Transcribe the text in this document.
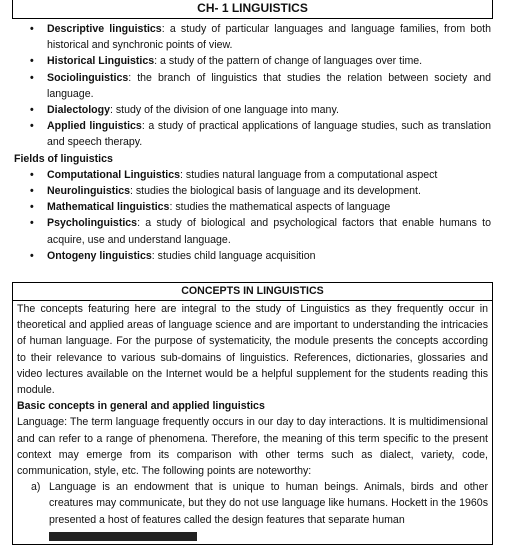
CH- 1 LINGUISTICS
• Descriptive linguistics: a study of particular languages and language families, from both historical and synchronic points of view.
• Historical Linguistics: a study of the pattern of change of languages over time.
• Sociolinguistics: the branch of linguistics that studies the relation between society and language.
• Dialectology: study of the division of one language into many.
• Applied linguistics: a study of practical applications of language studies, such as translation and speech therapy.
Fields of linguistics
• Computational Linguistics: studies natural language from a computational aspect
• Neurolinguistics: studies the biological basis of language and its development.
• Mathematical linguistics: studies the mathematical aspects of language
• Psycholinguistics: a study of biological and psychological factors that enable humans to acquire, use and understand language.
• Ontogeny linguistics: studies child language acquisition
CONCEPTS IN LINGUISTICS

The concepts featuring here are integral to the study of Linguistics as they frequently occur in theoretical and applied areas of language science and are important to understanding the intricacies of human language. For the purpose of systematicity, the module presents the concepts according to their relevance to various sub-domains of linguistics. References, dictionaries, glossaries and video lectures available on the Internet would be a helpful supplement for the students reading this module.

Basic concepts in general and applied linguistics

Language: The term language frequently occurs in our day to day interactions. It is multidimensional and can refer to a range of phenomena. Therefore, the meaning of this term specific to the present context may emerge from its comparison with other terms such as dialect, variety, code, communication, style, etc. The following points are noteworthy:

a) Language is an endowment that is unique to human beings. Animals, birds and other creatures may communicate, but they do not use language like humans. Hockett in the 1960s presented a host of features called the design features that separate human
